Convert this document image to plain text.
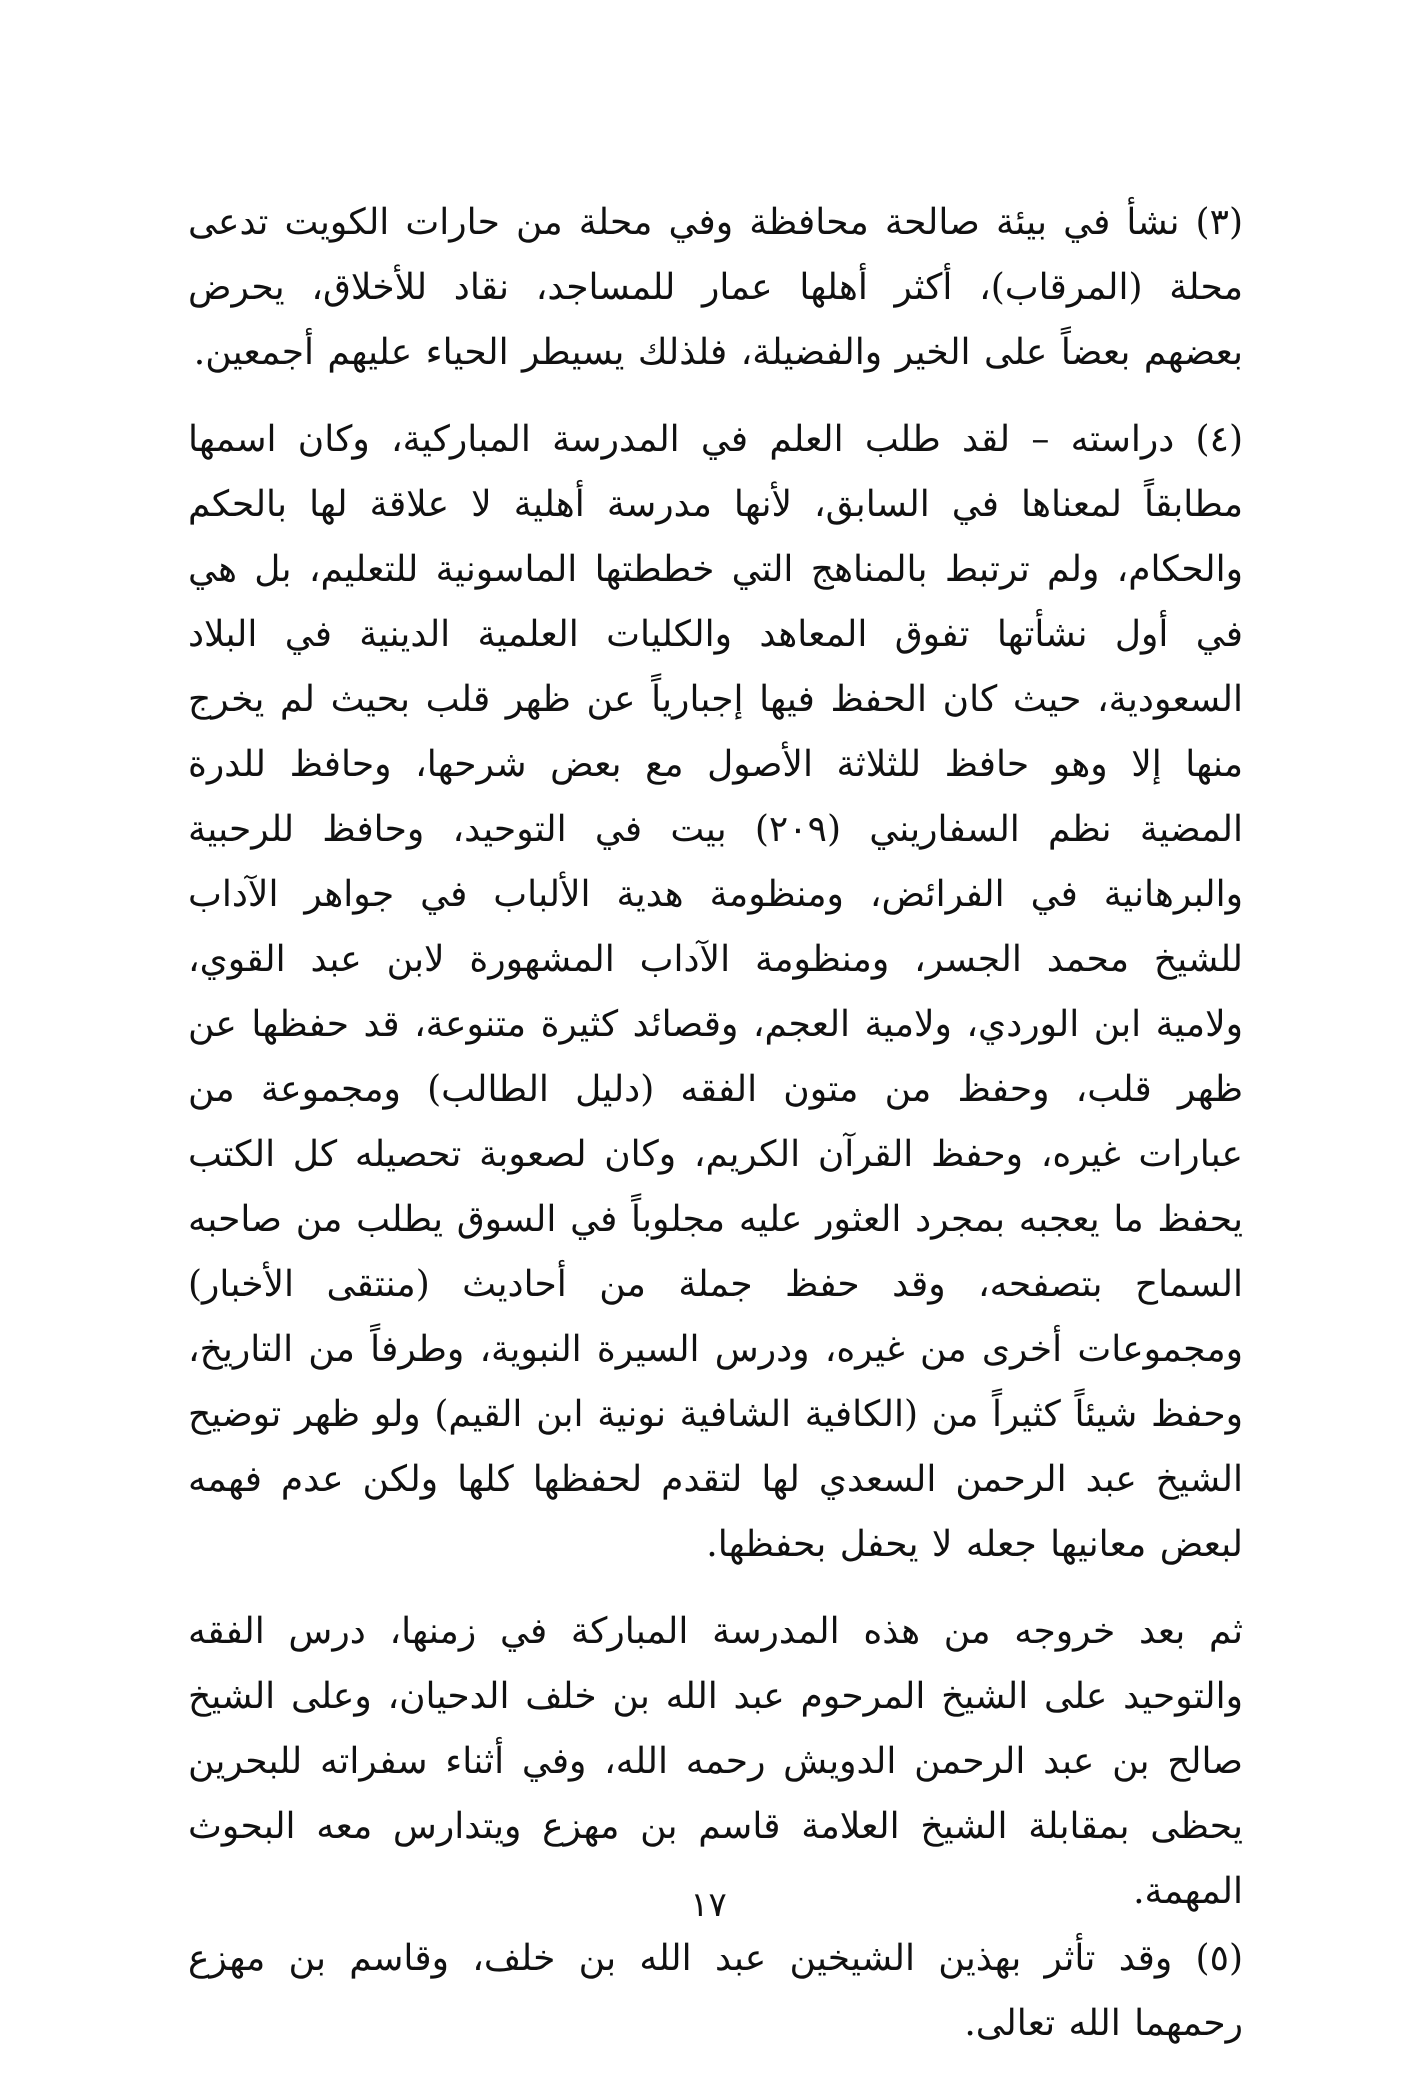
(٣) نشأ في بيئة صالحة محافظة وفي محلة من حارات الكويت تدعى محلة (المرقاب)، أكثر أهلها عمار للمساجد، نقاد للأخلاق، يحرض بعضهم بعضاً على الخير والفضيلة، فلذلك يسيطر الحياء عليهم أجمعين.

(٤) دراسته – لقد طلب العلم في المدرسة المباركية، وكان اسمها مطابقاً لمعناها في السابق، لأنها مدرسة أهلية لا علاقة لها بالحكم والحكام، ولم ترتبط بالمناهج التي خططتها الماسونية للتعليم، بل هي في أول نشأتها تفوق المعاهد والكليات العلمية الدينية في البلاد السعودية، حيث كان الحفظ فيها إجبارياً عن ظهر قلب بحيث لم يخرج منها إلا وهو حافظ للثلاثة الأصول مع بعض شرحها، وحافظ للدرة المضية نظم السفاريني (٢٠٩) بيت في التوحيد، وحافظ للرحبية والبرهانية في الفرائض، ومنظومة هدية الألباب في جواهر الآداب للشيخ محمد الجسر، ومنظومة الآداب المشهورة لابن عبد القوي، ولامية ابن الوردي، ولامية العجم، وقصائد كثيرة متنوعة، قد حفظها عن ظهر قلب، وحفظ من متون الفقه (دليل الطالب) ومجموعة من عبارات غيره، وحفظ القرآن الكريم، وكان لصعوبة تحصيله كل الكتب يحفظ ما يعجبه بمجرد العثور عليه مجلوباً في السوق يطلب من صاحبه السماح بتصفحه، وقد حفظ جملة من أحاديث (منتقى الأخبار) ومجموعات أخرى من غيره، ودرس السيرة النبوية، وطرفاً من التاريخ، وحفظ شيئاً كثيراً من (الكافية الشافية نونية ابن القيم) ولو ظهر توضيح الشيخ عبد الرحمن السعدي لها لتقدم لحفظها كلها ولكن عدم فهمه لبعض معانيها جعله لا يحفل بحفظها.

ثم بعد خروجه من هذه المدرسة المباركة في زمنها، درس الفقه والتوحيد على الشيخ المرحوم عبد الله بن خلف الدحيان، وعلى الشيخ صالح بن عبد الرحمن الدويش رحمه الله، وفي أثناء سفراته للبحرين يحظى بمقابلة الشيخ العلامة قاسم بن مهزع ويتدارس معه البحوث المهمة.

(٥) وقد تأثر بهذين الشيخين عبد الله بن خلف، وقاسم بن مهزع رحمهما الله تعالى.

١٧
